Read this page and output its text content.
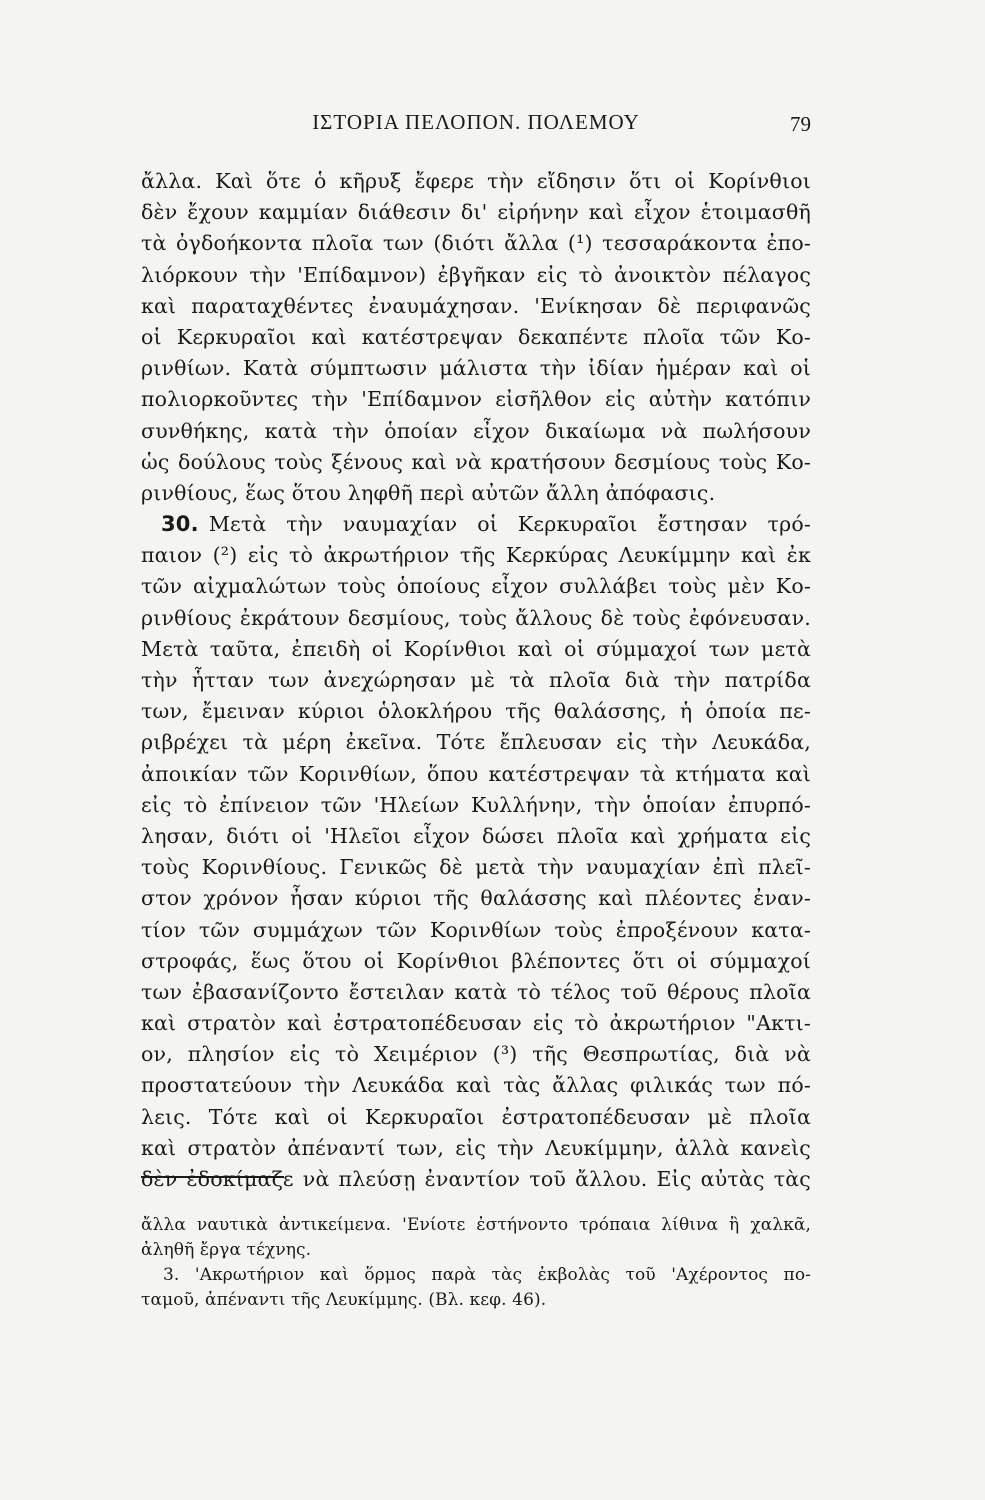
ΙΣΤΟΡΙΑ ΠΕΛΟΠΟΝ. ΠΟΛΕΜΟΥ	79
ἄλλα. Καὶ ὅτε ὁ κῆρυξ ἔφερε τὴν εἴδησιν ὅτι οἱ Κορίνθιοι
δὲν ἔχουν καμμίαν διάθεσιν δι' εἰρήνην καὶ εἶχον ἑτοιμασθῆ
τὰ ὀγδοήκοντα πλοῖα των (διότι ἄλλα (¹) τεσσαράκοντα ἐπο-
λιόρκουν τὴν 'Επίδαμνον) ἐβγῆκαν εἰς τὸ ἀνοικτὸν πέλαγος
καὶ παραταχθέντες ἐναυμάχησαν. 'Ενίκησαν δὲ περιφανῶς
οἱ Κερκυραῖοι καὶ κατέστρεψαν δεκαπέντε πλοῖα τῶν Κο-
ρινθίων. Κατὰ σύμπτωσιν μάλιστα τὴν ἰδίαν ἡμέραν καὶ οἱ
πολιορκοῦντες τὴν 'Επίδαμνον εἰσῆλθον εἰς αὐτὴν κατόπιν
συνθήκης, κατὰ τὴν ὁποίαν εἶχον δικαίωμα νὰ πωλήσουν
ὡς δούλους τοὺς ξένους καὶ νὰ κρατήσουν δεσμίους τοὺς Κο-
ρινθίους, ἕως ὅτου ληφθῆ περὶ αὐτῶν ἄλλη ἀπόφασις.
30. Μετὰ τὴν ναυμαχίαν οἱ Κερκυραῖοι ἔστησαν τρό-
παιον (²) εἰς τὸ ἀκρωτήριον τῆς Κερκύρας Λευκίμμην καὶ ἐκ
τῶν αἰχμαλώτων τοὺς ὁποίους εἶχον συλλάβει τοὺς μὲν Κο-
ρινθίους ἐκράτουν δεσμίους, τοὺς ἄλλους δὲ τοὺς ἐφόνευσαν.
Μετὰ ταῦτα, ἐπειδὴ οἱ Κορίνθιοι καὶ οἱ σύμμαχοί των μετὰ
τὴν ἧτταν των ἀνεχώρησαν μὲ τὰ πλοῖα διὰ τὴν πατρίδα
των, ἔμειναν κύριοι ὁλοκλήρου τῆς θαλάσσης, ἡ ὁποία πε-
ριβρέχει τὰ μέρη ἐκεῖνα. Τότε ἔπλευσαν εἰς τὴν Λευκάδα,
ἀποικίαν τῶν Κορινθίων, ὅπου κατέστρεψαν τὰ κτήματα καὶ
εἰς τὸ ἐπίνειον τῶν 'Ηλείων Κυλλήνην, τὴν ὁποίαν ἐπυρπό-
λησαν, διότι οἱ 'Ηλεῖοι εἶχον δώσει πλοῖα καὶ χρήματα εἰς
τοὺς Κορινθίους. Γενικῶς δὲ μετὰ τὴν ναυμαχίαν ἐπὶ πλεῖ-
στον χρόνον ἦσαν κύριοι τῆς θαλάσσης καὶ πλέοντες ἐναν-
τίον τῶν συμμάχων τῶν Κορινθίων τοὺς ἐπροξένουν κατα-
στροφάς, ἕως ὅτου οἱ Κορίνθιοι βλέποντες ὅτι οἱ σύμμαχοί
των ἐβασανίζοντο ἔστειλαν κατὰ τὸ τέλος τοῦ θέρους πλοῖα
καὶ στρατὸν καὶ ἐστρατοπέδευσαν εἰς τὸ ἀκρωτήριον "Ακτι-
ον, πλησίον εἰς τὸ Χειμέριον (³) τῆς Θεσπρωτίας, διὰ νὰ
προστατεύουν τὴν Λευκάδα καὶ τὰς ἄλλας φιλικάς των πό-
λεις. Τότε καὶ οἱ Κερκυραῖοι ἐστρατοπέδευσαν μὲ πλοῖα
καὶ στρατὸν ἀπέναντί των, εἰς τὴν Λευκίμμην, ἀλλὰ κανεὶς
δὲν ἐδοκίμαζε νὰ πλεύσῃ ἐναντίον τοῦ ἄλλου. Εἰς αὐτὰς τὰς
ἄλλα ναυτικὰ ἀντικείμενα. 'Ενίοτε ἐστήνοντο τρόπαια λίθινα ἢ χαλκᾶ,
ἀληθῆ ἔργα τέχνης.
3. 'Ακρωτήριον καὶ ὅρμος παρὰ τὰς ἐκβολὰς τοῦ 'Αχέροντος πο-
ταμοῦ, ἀπέναντι τῆς Λευκίμμης. (Βλ. κεφ. 46).
